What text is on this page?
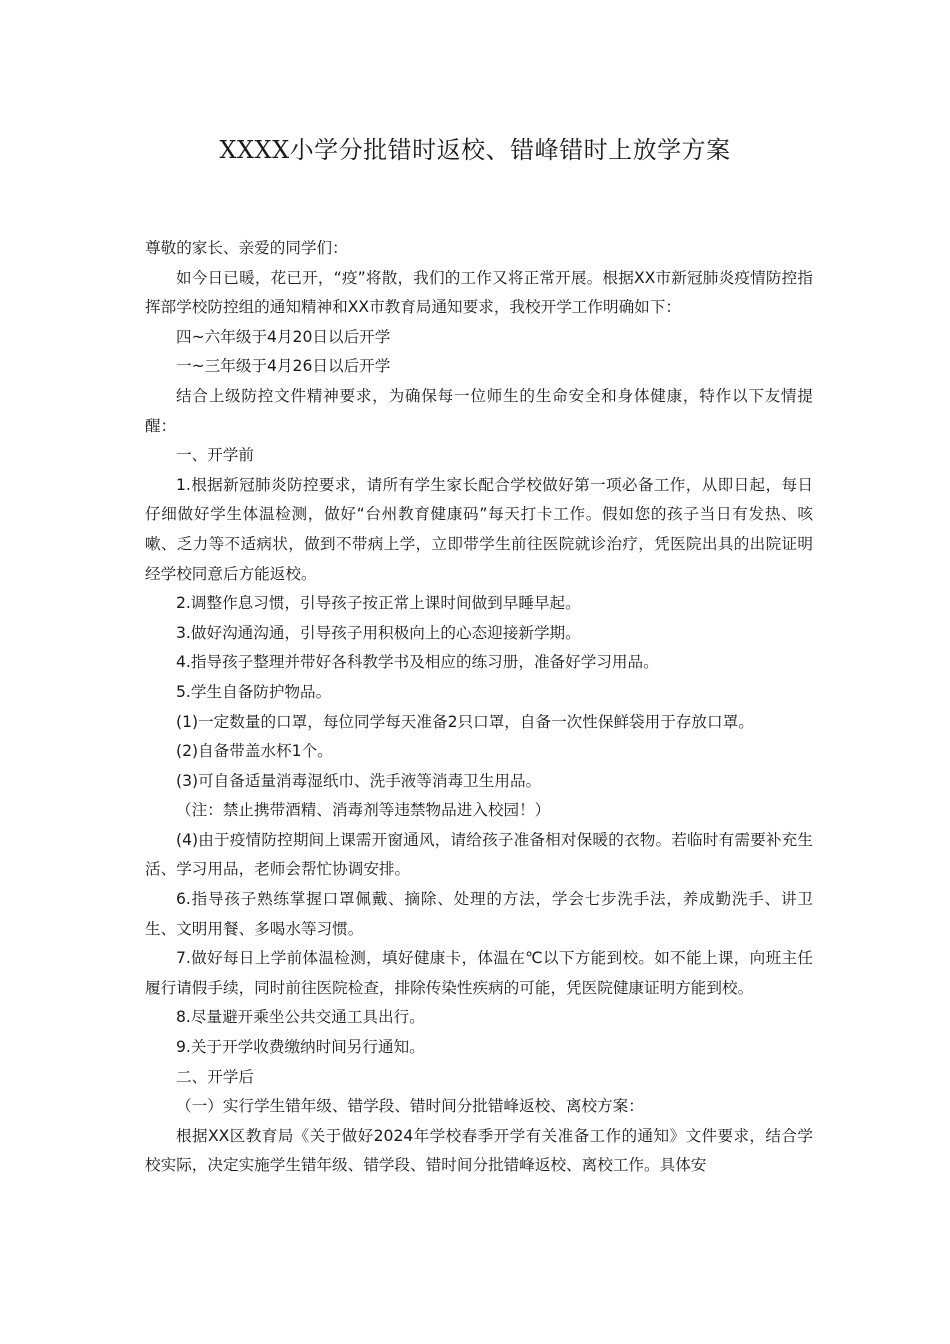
XXXX小学分批错时返校、错峰错时上放学方案

尊敬的家长、亲爱的同学们：

如今日已暖，花已开，“疫”将散，我们的工作又将正常开展。根据XX市新冠肺炎疫情防控指挥部学校防控组的通知精神和XX市教育局通知要求，我校开学工作明确如下：

四~六年级于4月20日以后开学

一~三年级于4月26日以后开学

结合上级防控文件精神要求，为确保每一位师生的生命安全和身体健康，特作以下友情提醒：

一、开学前

1.根据新冠肺炎防控要求，请所有学生家长配合学校做好第一项必备工作，从即日起，每日仔细做好学生体温检测，做好“台州教育健康码”每天打卡工作。假如您的孩子当日有发热、咳嗽、乏力等不适病状，做到不带病上学，立即带学生前往医院就诊治疗，凭医院出具的出院证明经学校同意后方能返校。

2.调整作息习惯，引导孩子按正常上课时间做到早睡早起。

3.做好沟通沟通，引导孩子用积极向上的心态迎接新学期。

4.指导孩子整理并带好各科教学书及相应的练习册，准备好学习用品。

5.学生自备防护物品。

(1)一定数量的口罩，每位同学每天准备2只口罩，自备一次性保鲜袋用于存放口罩。

(2)自备带盖水杯1个。

(3)可自备适量消毒湿纸巾、洗手液等消毒卫生用品。

（注：禁止携带酒精、消毒剂等违禁物品进入校园！）

(4)由于疫情防控期间上课需开窗通风，请给孩子准备相对保暖的衣物。若临时有需要补充生活、学习用品，老师会帮忙协调安排。

6.指导孩子熟练掌握口罩佩戴、摘除、处理的方法，学会七步洗手法，养成勤洗手、讲卫生、文明用餐、多喝水等习惯。

7.做好每日上学前体温检测，填好健康卡，体温在℃以下方能到校。如不能上课，向班主任履行请假手续，同时前往医院检查，排除传染性疾病的可能，凭医院健康证明方能到校。

8.尽量避开乘坐公共交通工具出行。

9.关于开学收费缴纳时间另行通知。

二、开学后

（一）实行学生错年级、错学段、错时间分批错峰返校、离校方案：

根据XX区教育局《关于做好2024年学校春季开学有关准备工作的通知》文件要求，结合学校实际，决定实施学生错年级、错学段、错时间分批错峰返校、离校工作。具体安
